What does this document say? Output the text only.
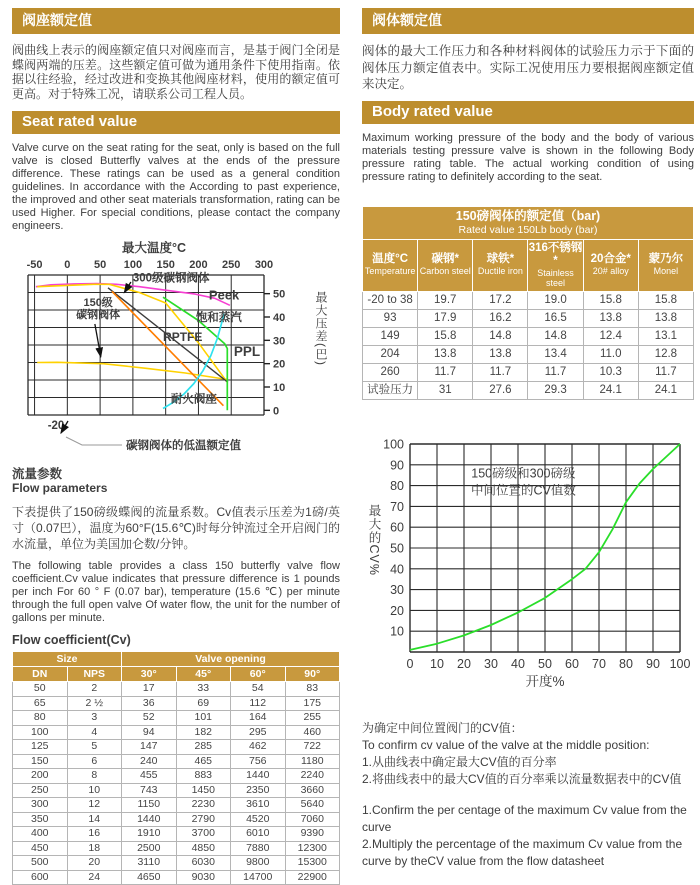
阀座额定值

阀曲线上表示的阀座额定值只对阀座而言，是基于阀门全闭是蝶阀两端的压差。这些额定值可做为通用条件下使用指南。依据以往经验，经过改进和变换其他阀座材料，使用的额定值可更高。对于特殊工况，请联系公司工程人员。

Seat rated value

Valve curve on the seat rating for the seat, only is based on the full valve is closed Butterfly valves at the ends of the pressure difference. These ratings can be used as a general condition guidelines. In accordance with the According to past experience, the improved and other seat materials transformation, rating can be used Higher. For special conditions, please contact the company engineers.

最大温度°C
-50 0 50 100 150 200 250 300
0
10
20
30
40
50
300级碳钢阀体
Peek
150级碳钢阀体	饱和蒸汽
RPTFE
PPL
耐火阀座
-20
碳钢阀体的低温额定值
最大压差(巴)
流量参数
Flow parameters

下表提供了150磅级蝶阀的流量系数。Cv值表示压差为1磅/英寸（0.07巴），温度为60°F(15.6℃)时每分钟流过全开启阀门的水流量，单位为美国加仑数/分钟。

The following table provides a class 150 butterfly valve flow coefficient.Cv value indicates that pressure difference is 1 pounds per inch For 60 ° F (0.07 bar), temperature (15.6 ℃) per minute through the full open valve Of water flow, the unit for the number of gallons per minute.

Flow coefficient(Cv)
Size		Valve opening			
DN	NPS	30°	45°	60°	90°
50	2	17	33	54	83
65	2 ½	36	69	112	175
80	3	52	101	164	255
100	4	94	182	295	460
125	5	147	285	462	722
150	6	240	465	756	1180
200	8	455	883	1440	2240
250	10	743	1450	2350	3660
300	12	1150	2230	3610	5640
350	14	1440	2790	4520	7060
400	16	1910	3700	6010	9390
450	18	2500	4850	7880	12300
500	20	3110	6030	9800	15300
600	24	4650	9030	14700	22900
阀体额定值

阀体的最大工作压力和各种材料阀体的试验压力示于下面的阀体压力额定值表中。实际工况使用压力要根据阀座额定值来决定。

Body rated value

Maximum working pressure of the body and the body of various materials testing pressure valve is shown in the following Body pressure rating table. The actual working condition of using pressure rating to definitely according to the seat.

150磅阀体的额定值（bar)
Rated value 150Lb body (bar)					

温度°C
Temperature

碳钢*
Carbon steel

球铁*
Ductile iron

316不锈钢*
Stainless steel

20合金*
20# alloy

蒙乃尔
Monel

-20 to 38	19.7	17.2	19.0	15.8	15.8
93	17.9	16.2	16.5	13.8	13.8
149	15.8	14.8	14.8	12.4	13.1
204	13.8	13.8	13.4	11.0	12.8
260	11.7	11.7	11.7	10.3	11.7
试验压力	31	27.6	29.3	24.1	24.1
10
20
30
40
50
60
70
80
90
100
0 10 20 30 40 50 60 70 80 90 100
开度%
150磅级和300磅级中间位置的CV值数
最大的CV%
为确定中间位置阀门的CV值：
To confirm cv value of the valve at the middle position:
1.从曲线表中确定最大CV值的百分率
2.将曲线表中的最大CV值的百分率乘以流量数据表中的CV值
1.Confirm the per centage of the maximum Cv value from the curve
2.Multiply the percentage of the maximum Cv value from the curve by theCV value from the flow datasheet
